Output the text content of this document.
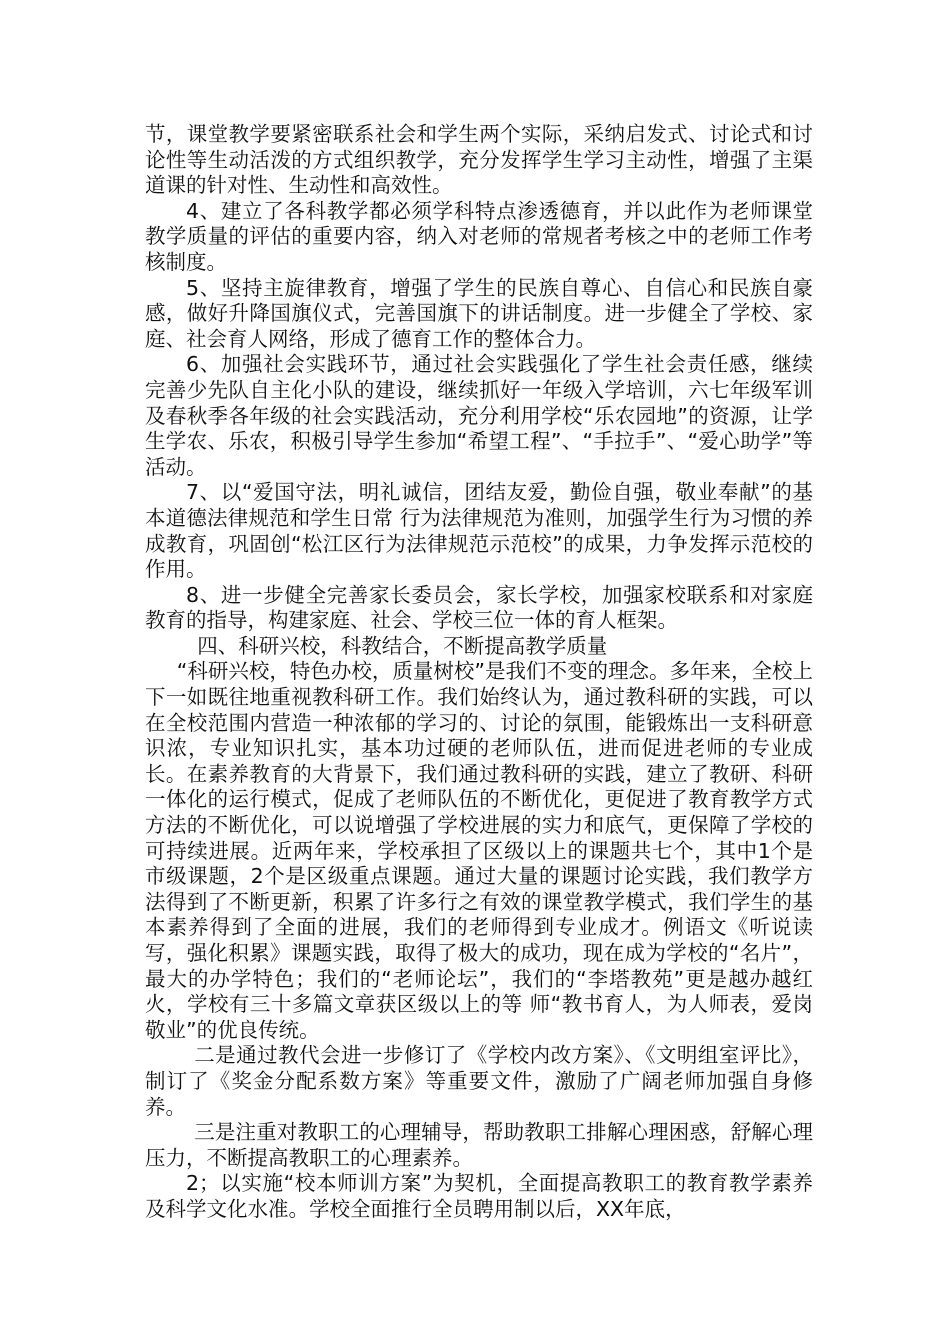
节，课堂教学要紧密联系社会和学生两个实际，采纳启发式、讨论式和讨论性等生动活泼的方式组织教学，充分发挥学生学习主动性，增强了主渠道课的针对性、生动性和高效性。

4、建立了各科教学都必须学科特点渗透德育，并以此作为老师课堂教学质量的评估的重要内容，纳入对老师的常规者考核之中的老师工作考核制度。

5、坚持主旋律教育，增强了学生的民族自尊心、自信心和民族自豪感，做好升降国旗仪式，完善国旗下的讲话制度。进一步健全了学校、家庭、社会育人网络，形成了德育工作的整体合力。

6、加强社会实践环节，通过社会实践强化了学生社会责任感，继续完善少先队自主化小队的建设，继续抓好一年级入学培训，六七年级军训及春秋季各年级的社会实践活动，充分利用学校“乐农园地”的资源，让学生学农、乐农，积极引导学生参加“希望工程”、“手拉手”、“爱心助学”等活动。

7、以“爱国守法，明礼诚信，团结友爱，勤俭自强，敬业奉献”的基本道德法律规范和学生日常 行为法律规范为准则，加强学生行为习惯的养成教育，巩固创“松江区行为法律规范示范校”的成果，力争发挥示范校的作用。

8、进一步健全完善家长委员会，家长学校，加强家校联系和对家庭教育的指导，构建家庭、社会、学校三位一体的育人框架。

四、科研兴校，科教结合，不断提高教学质量

“科研兴校，特色办校，质量树校”是我们不变的理念。多年来，全校上下一如既往地重视教科研工作。我们始终认为，通过教科研的实践，可以在全校范围内营造一种浓郁的学习的、讨论的氛围，能锻炼出一支科研意识浓，专业知识扎实，基本功过硬的老师队伍，进而促进老师的专业成长。在素养教育的大背景下，我们通过教科研的实践，建立了教研、科研一体化的运行模式，促成了老师队伍的不断优化，更促进了教育教学方式方法的不断优化，可以说增强了学校进展的实力和底气，更保障了学校的可持续进展。近两年来，学校承担了区级以上的课题共七个，其中1个是市级课题，2个是区级重点课题。通过大量的课题讨论实践，我们教学方法得到了不断更新，积累了许多行之有效的课堂教学模式，我们学生的基本素养得到了全面的进展，我们的老师得到专业成才。例语文《听说读写，强化积累》课题实践，取得了极大的成功，现在成为学校的“名片”，最大的办学特色；我们的“老师论坛”，我们的“李塔教苑”更是越办越红火，学校有三十多篇文章获区级以上的等 师“教书育人，为人师表，爱岗敬业”的优良传统。

二是通过教代会进一步修订了《学校内改方案》、《文明组室评比》，制订了《奖金分配系数方案》等重要文件，激励了广阔老师加强自身修养。

三是注重对教职工的心理辅导，帮助教职工排解心理困惑，舒解心理压力，不断提高教职工的心理素养。

2；以实施“校本师训方案”为契机，全面提高教职工的教育教学素养及科学文化水准。学校全面推行全员聘用制以后，XX年底，
